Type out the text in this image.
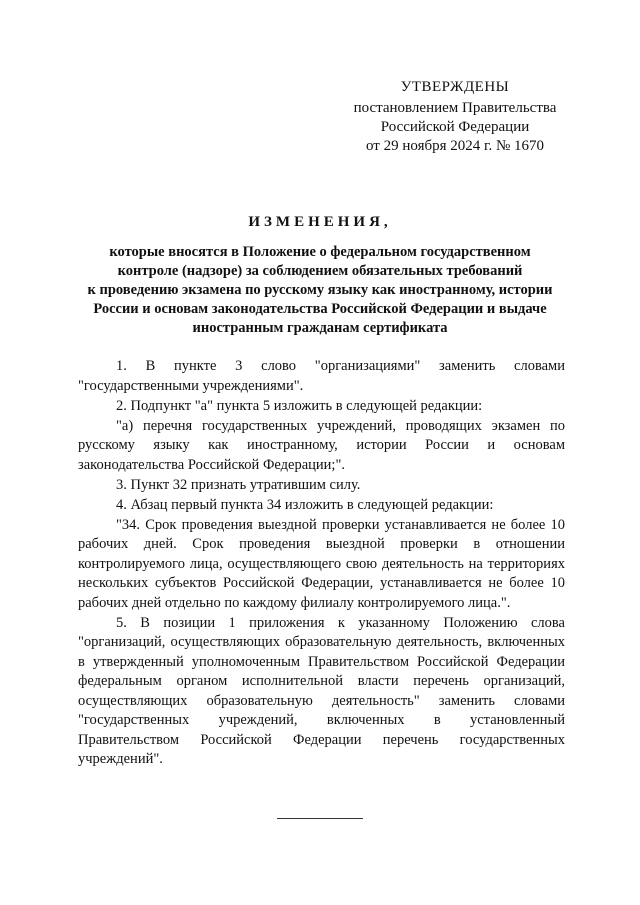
УТВЕРЖДЕНЫ
постановлением Правительства
Российской Федерации
от 29 ноября 2024 г. № 1670
ИЗМЕНЕНИЯ,
которые вносятся в Положение о федеральном государственном
контроле (надзоре) за соблюдением обязательных требований
к проведению экзамена по русскому языку как иностранному, истории
России и основам законодательства Российской Федерации и выдаче
иностранным гражданам сертификата

1. В пункте 3 слово "организациями" заменить словами "государственными учреждениями".

2. Подпункт "а" пункта 5 изложить в следующей редакции:

"а) перечня государственных учреждений, проводящих экзамен по русскому языку как иностранному, истории России и основам законодательства Российской Федерации;".

3. Пункт 32 признать утратившим силу.

4. Абзац первый пункта 34 изложить в следующей редакции:

"34. Срок проведения выездной проверки устанавливается не более 10 рабочих дней. Срок проведения выездной проверки в отношении контролируемого лица, осуществляющего свою деятельность на территориях нескольких субъектов Российской Федерации, устанавливается не более 10 рабочих дней отдельно по каждому филиалу контролируемого лица.".

5. В позиции 1 приложения к указанному Положению слова "организаций, осуществляющих образовательную деятельность, включенных в утвержденный уполномоченным Правительством Российской Федерации федеральным органом исполнительной власти перечень организаций, осуществляющих образовательную деятельность" заменить словами "государственных учреждений, включенных в установленный Правительством Российской Федерации перечень государственных учреждений".
